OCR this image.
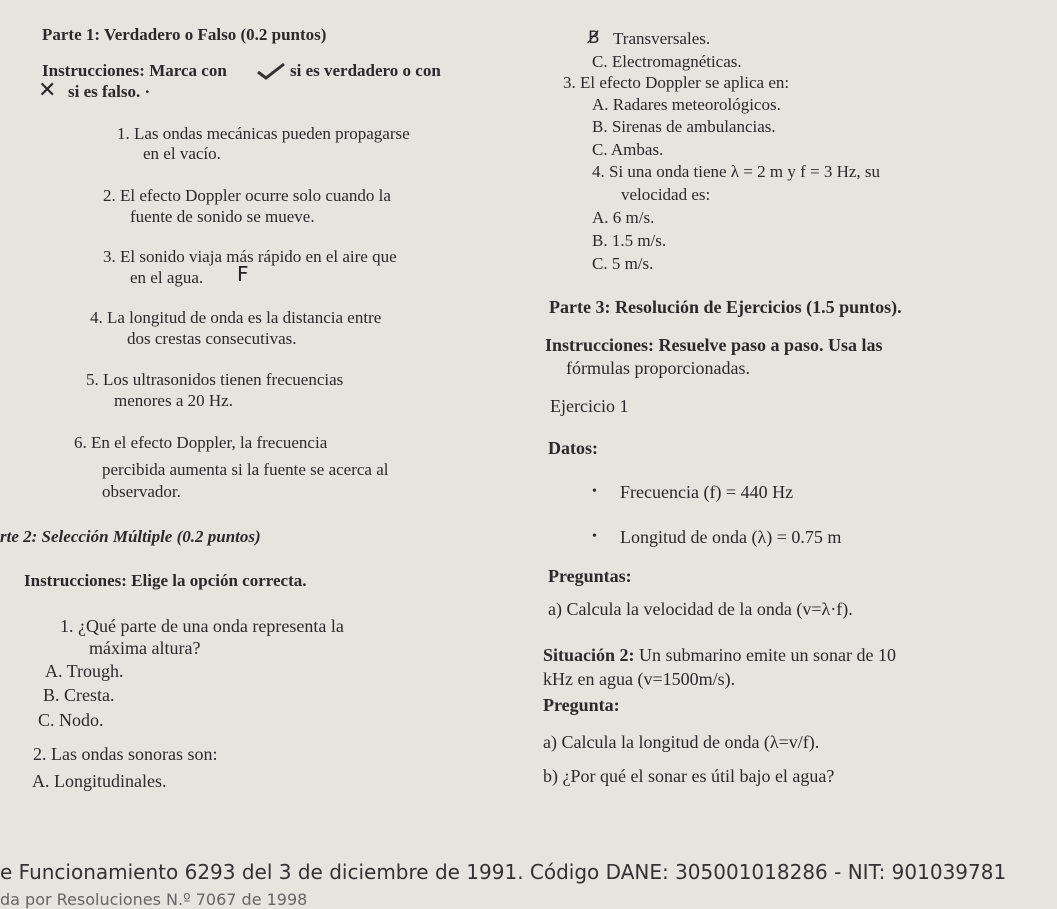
Parte 1: Verdadero o Falso (0.2 puntos)
Instrucciones: Marca con	si es verdadero o con
✕ si es falso. ·
1. Las ondas mecánicas pueden propagarse
en el vacío.
2. El efecto Doppler ocurre solo cuando la
fuente de sonido se mueve.
3. El sonido viaja más rápido en el aire que
en el agua. F
4. La longitud de onda es la distancia entre
dos crestas consecutivas.
5. Los ultrasonidos tienen frecuencias
menores a 20 Hz.
6. En el efecto Doppler, la frecuencia
percibida aumenta si la fuente se acerca al
observador.
rte 2: Selección Múltiple (0.2 puntos)
Instrucciones: Elige la opción correcta.
1. ¿Qué parte de una onda representa la
máxima altura?
A. Trough.
B. Cresta.
C. Nodo.
2. Las ondas sonoras son:
A. Longitudinales.
B̸ Transversales.
C. Electromagnéticas.
3. El efecto Doppler se aplica en:
A. Radares meteorológicos.
B. Sirenas de ambulancias.
C. Ambas.
4. Si una onda tiene λ = 2 m y f = 3 Hz, su
velocidad es:
A. 6 m/s.
B. 1.5 m/s.
C. 5 m/s.
Parte 3: Resolución de Ejercicios (1.5 puntos).
Instrucciones: Resuelve paso a paso. Usa las
fórmulas proporcionadas.
Ejercicio 1
Datos:
• Frecuencia (f) = 440 Hz
• Longitud de onda (λ) = 0.75 m
Preguntas:
a) Calcula la velocidad de la onda (v=λ·f).
Situación 2: Un submarino emite un sonar de 10
kHz en agua (v=1500m/s).
Pregunta:
a) Calcula la longitud de onda (λ=v/f).
b) ¿Por qué el sonar es útil bajo el agua?
e Funcionamiento 6293 del 3 de diciembre de 1991. Código DANE: 305001018286 - NIT: 901039781
da por Resoluciones N.º 7067 de 1998
